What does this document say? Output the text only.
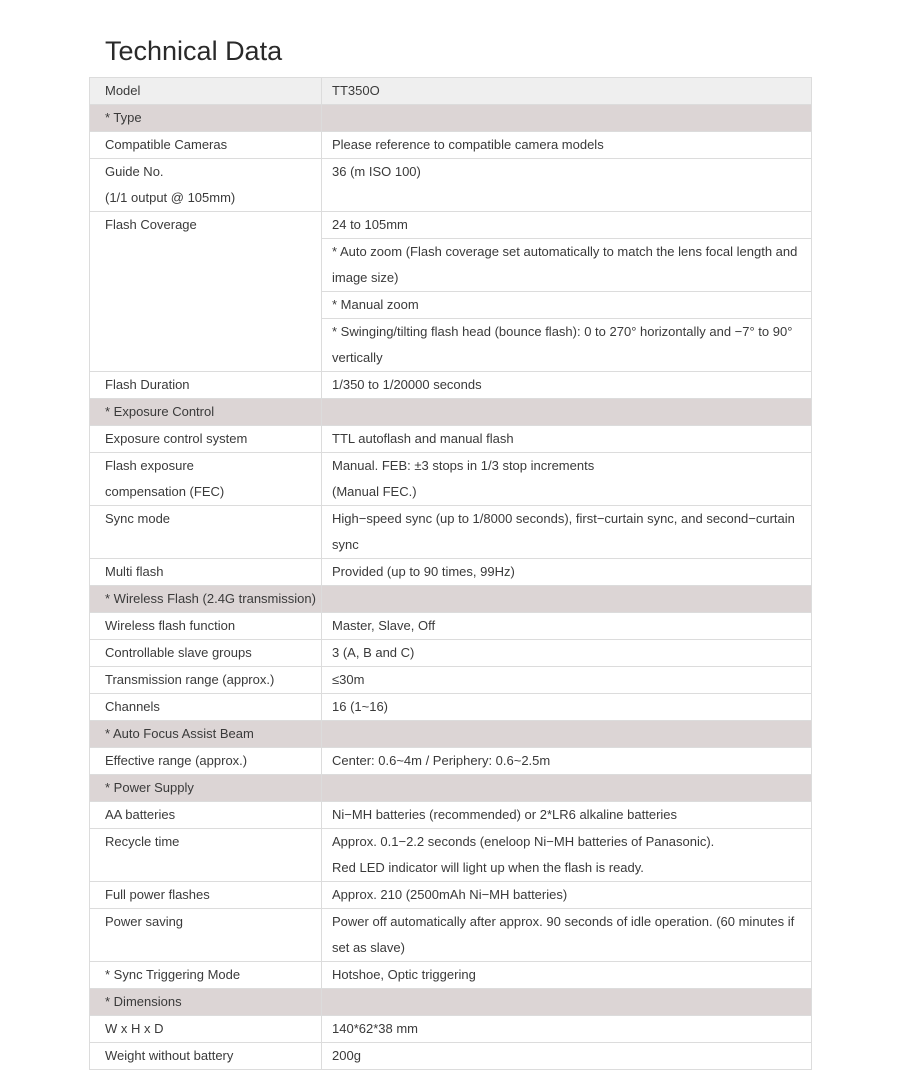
Technical Data
Model	TT350O
* Type	
Compatible Cameras	Please reference to compatible camera models

Guide No.
(1/1 output @ 105mm)	36 (m ISO 100)
Flash Coverage	24 to 105mm
* Auto zoom (Flash coverage set automatically to match the lens focal length and image size)
* Manual zoom
* Swinging/tilting flash head (bounce flash): 0 to 270° horizontally and −7° to 90° vertically

Flash Duration	1/350 to 1/20000 seconds
* Exposure Control	
Exposure control system	TTL autoflash and manual flash

Flash exposure
compensation (FEC)	Manual. FEB: ±3 stops in 1/3 stop increments
(Manual FEC.)

Sync mode	High−speed sync (up to 1/8000 seconds), first−curtain sync, and second−curtain sync
Multi flash	Provided (up to 90 times, 99Hz)
* Wireless Flash (2.4G transmission)	
Wireless flash function	Master, Slave, Off
Controllable slave groups	3 (A, B and C)
Transmission range (approx.)	≤30m
Channels	16 (1~16)
* Auto Focus Assist Beam	
Effective range (approx.)	Center: 0.6~4m / Periphery: 0.6~2.5m
* Power Supply	
AA batteries	Ni−MH batteries (recommended) or 2*LR6 alkaline batteries
Recycle time	Approx. 0.1−2.2 seconds (eneloop Ni−MH batteries of Panasonic).
Red LED indicator will light up when the flash is ready.

Full power flashes	Approx. 210 (2500mAh Ni−MH batteries)
Power saving	Power off automatically after approx. 90 seconds of idle operation. (60 minutes if set as slave)
* Sync Triggering Mode	Hotshoe, Optic triggering
* Dimensions	
W x H x D	140*62*38 mm
Weight without battery	200g
